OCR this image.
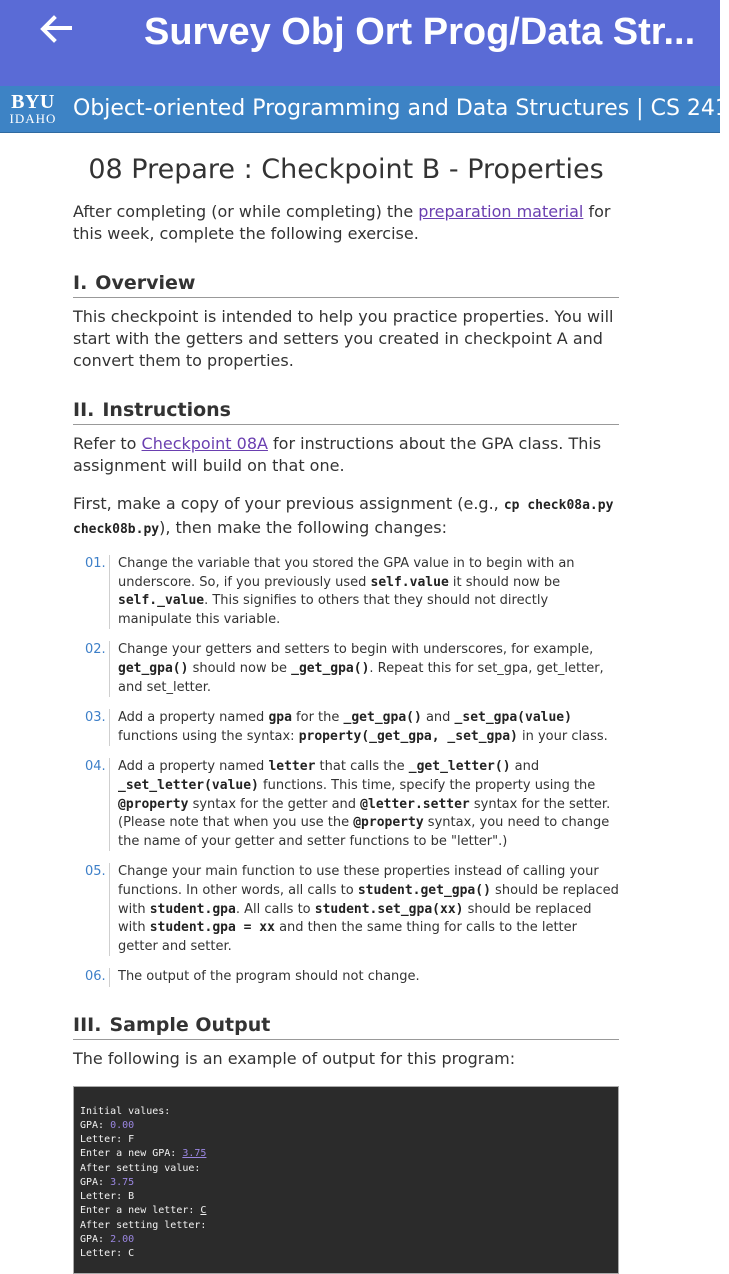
Survey Obj Ort Prog/Data Str...
BYU
IDAHO Object-oriented Programming and Data Structures | CS 241
08 Prepare : Checkpoint B - Properties

After completing (or while completing) the preparation material for this week, complete the following exercise.

I. Overview

This checkpoint is intended to help you practice properties. You will start with the getters and setters you created in checkpoint A and convert them to properties.

II. Instructions

Refer to Checkpoint 08A for instructions about the GPA class. This assignment will build on that one.

First, make a copy of your previous assignment (e.g., cp check08a.py check08b.py), then make the following changes:

01. Change the variable that you stored the GPA value in to begin with an underscore. So, if you previously used self.value it should now be self._value. This signifies to others that they should not directly manipulate this variable.
02. Change your getters and setters to begin with underscores, for example, get_gpa() should now be _get_gpa(). Repeat this for set_gpa, get_letter, and set_letter.
03. Add a property named gpa for the _get_gpa() and _set_gpa(value) functions using the syntax: property(_get_gpa, _set_gpa) in your class.
04. Add a property named letter that calls the _get_letter() and _set_letter(value) functions. This time, specify the property using the @property syntax for the getter and @letter.setter syntax for the setter. (Please note that when you use the @property syntax, you need to change the name of your getter and setter functions to be "letter".)
05. Change your main function to use these properties instead of calling your functions. In other words, all calls to student.get_gpa() should be replaced with student.gpa. All calls to student.set_gpa(xx) should be replaced with student.gpa = xx and then the same thing for calls to the letter getter and setter.
06. The output of the program should not change.
III. Sample Output

The following is an example of output for this program:

Initial values:
GPA: 0.00
Letter: F
Enter a new GPA: 3.75
After setting value:
GPA: 3.75
Letter: B
Enter a new letter: C
After setting letter:
GPA: 2.00
Letter: C
